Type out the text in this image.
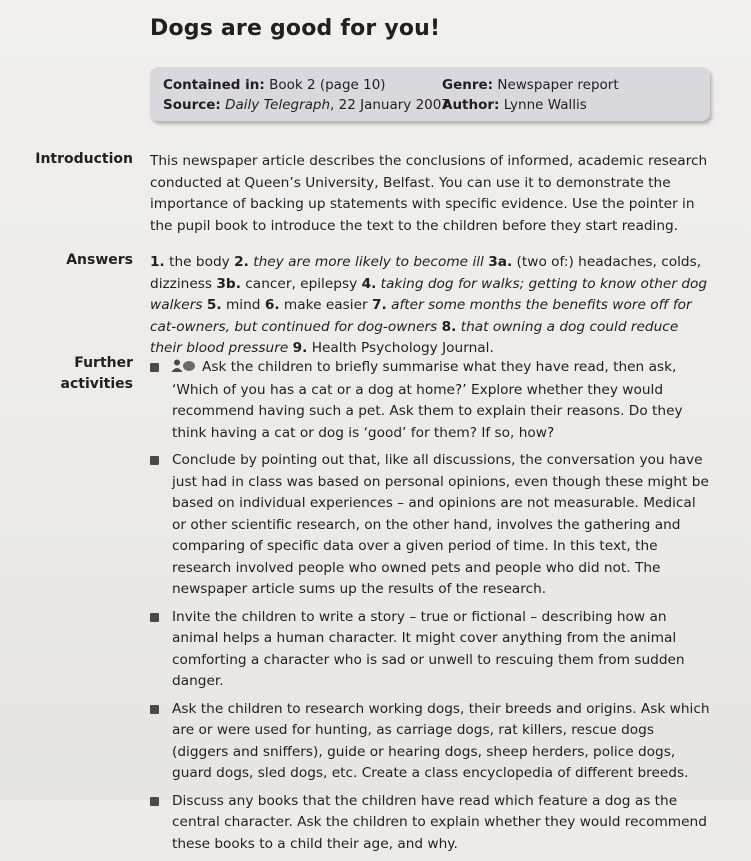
Dogs are good for you!
Contained in: Book 2 (page 10)
Source: Daily Telegraph, 22 January 2007
Genre: Newspaper report
Author: Lynne Wallis
Introduction This newspaper article describes the conclusions of informed, academic research conducted at Queen’s University, Belfast. You can use it to demonstrate the importance of backing up statements with specific evidence. Use the pointer in the pupil book to introduce the text to the children before they start reading.
Answers 1. the body 2. they are more likely to become ill 3a. (two of:) headaches, colds, dizziness 3b. cancer, epilepsy 4. taking dog for walks; getting to know other dog walkers 5. mind 6. make easier 7. after some months the benefits wore off for cat-owners, but continued for dog-owners 8. that owning a dog could reduce their blood pressure 9. Health Psychology Journal.
Further
activities
Ask the children to briefly summarise what they have read, then ask, ‘Which of you has a cat or a dog at home?’ Explore whether they would recommend having such a pet. Ask them to explain their reasons. Do they think having a cat or dog is ‘good’ for them? If so, how?
Conclude by pointing out that, like all discussions, the conversation you have just had in class was based on personal opinions, even though these might be based on individual experiences – and opinions are not measurable. Medical or other scientific research, on the other hand, involves the gathering and comparing of specific data over a given period of time. In this text, the research involved people who owned pets and people who did not. The newspaper article sums up the results of the research.
Invite the children to write a story – true or fictional – describing how an animal helps a human character. It might cover anything from the animal comforting a character who is sad or unwell to rescuing them from sudden danger.
Ask the children to research working dogs, their breeds and origins. Ask which are or were used for hunting, as carriage dogs, rat killers, rescue dogs (diggers and sniffers), guide or hearing dogs, sheep herders, police dogs, guard dogs, sled dogs, etc. Create a class encyclopedia of different breeds.
Discuss any books that the children have read which feature a dog as the central character. Ask the children to explain whether they would recommend these books to a child their age, and why.
